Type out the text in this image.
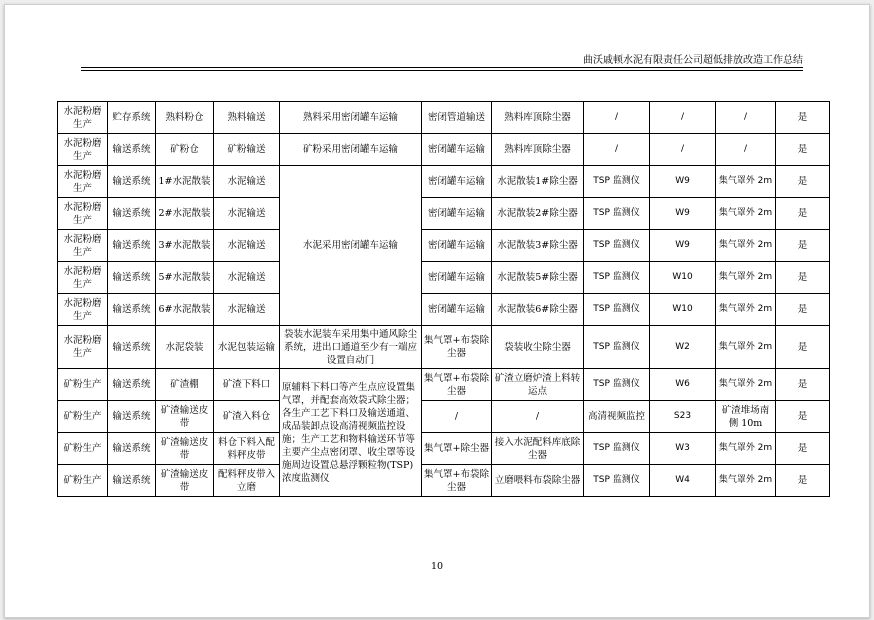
曲沃戚顿水泥有限责任公司超低排放改造工作总结
水泥粉磨生产	贮存系统	熟料粉仓	熟料输送	熟料采用密闭罐车运输	密闭管道输送	熟料库顶除尘器	/	/	/	是
水泥粉磨生产	输送系统	矿粉仓	矿粉输送	矿粉采用密闭罐车运输	密闭罐车运输	熟料库顶除尘器	/	/	/	是
水泥粉磨生产	输送系统	1#水泥散装	水泥输送	水泥采用密闭罐车运输	密闭罐车运输	水泥散装1#除尘器	TSP 监测仪	W9	集气罩外 2m	是
水泥粉磨生产	输送系统	2#水泥散装	水泥输送		密闭罐车运输	水泥散装2#除尘器	TSP 监测仪	W9	集气罩外 2m	是
水泥粉磨生产	输送系统	3#水泥散装	水泥输送		密闭罐车运输	水泥散装3#除尘器	TSP 监测仪	W9	集气罩外 2m	是
水泥粉磨生产	输送系统	5#水泥散装	水泥输送		密闭罐车运输	水泥散装5#除尘器	TSP 监测仪	W10	集气罩外 2m	是
水泥粉磨生产	输送系统	6#水泥散装	水泥输送		密闭罐车运输	水泥散装6#除尘器	TSP 监测仪	W10	集气罩外 2m	是
水泥粉磨生产	输送系统	水泥袋装	水泥包装运输	袋装水泥装车采用集中通风除尘系统，进出口通道至少有一端应设置自动门	集气罩+布袋除尘器	袋装收尘除尘器	TSP 监测仪	W2	集气罩外 2m	是
矿粉生产	输送系统	矿渣棚	矿渣下料口	原辅料下料口等产生点应设置集气罩，并配套高效袋式除尘器；各生产工艺下料口及输送通道、成品装卸点设高清视频监控设施；生产工艺和物料输送环节等主要产尘点密闭罩、收尘罩等设施周边设置总悬浮颗粒物(TSP) 浓度监测仪	集气罩+布袋除尘器	矿渣立磨炉渣上料转运点	TSP 监测仪	W6	集气罩外 2m	是
矿粉生产	输送系统	矿渣输送皮带	矿渣入料仓		/	/	高清视频监控	S23	矿渣堆场南侧 10m	是
矿粉生产	输送系统	矿渣输送皮带	料仓下料入配料秤皮带		集气罩+除尘器	接入水泥配料库底除尘器	TSP 监测仪	W3	集气罩外 2m	是
矿粉生产	输送系统	矿渣输送皮带	配料秤皮带入立磨		集气罩+布袋除尘器	立磨喂料布袋除尘器	TSP 监测仪	W4	集气罩外 2m	是
10
